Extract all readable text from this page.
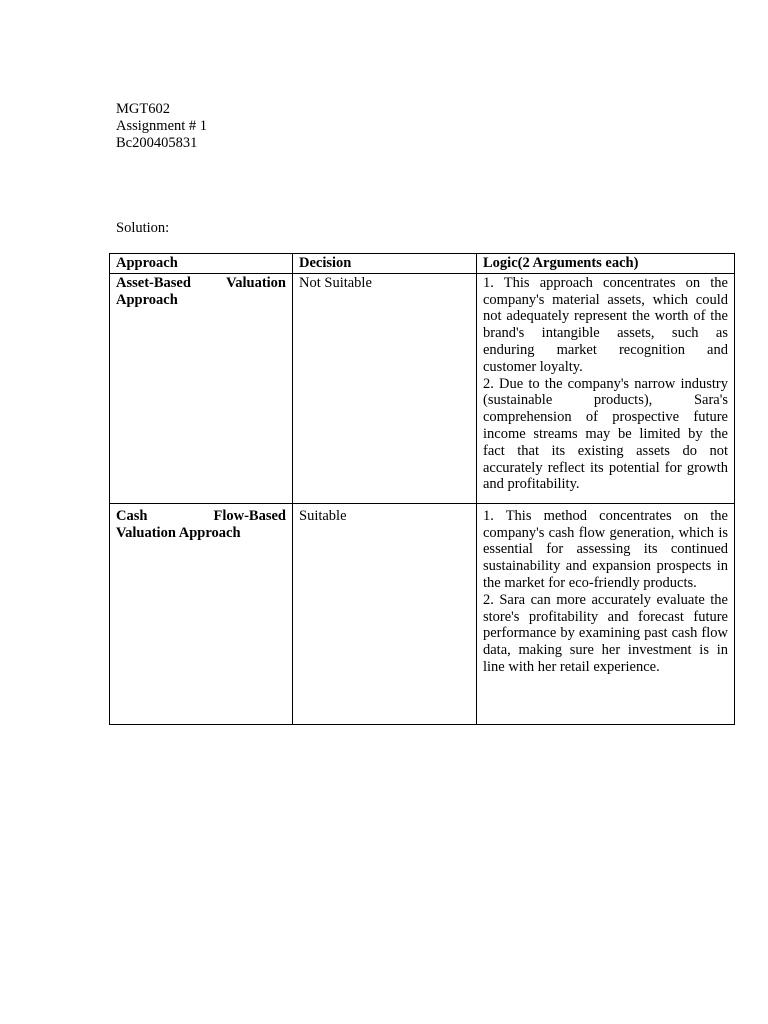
MGT602
Assignment # 1
Bc200405831
Solution:
Approach	Decision	Logic(2 Arguments each)
Asset-Based Valuation Approach	Not Suitable	1. This approach concentrates on the company's material assets, which could not adequately represent the worth of the brand's intangible assets, such as enduring market recognition and customer loyalty.
2. Due to the company's narrow industry (sustainable products), Sara's comprehension of prospective future income streams may be limited by the fact that its existing assets do not accurately reflect its potential for growth and profitability.

Cash Flow-Based Valuation Approach	Suitable	1. This method concentrates on the company's cash flow generation, which is essential for assessing its continued sustainability and expansion prospects in the market for eco-friendly products.
2. Sara can more accurately evaluate the store's profitability and forecast future performance by examining past cash flow data, making sure her investment is in line with her retail experience.
